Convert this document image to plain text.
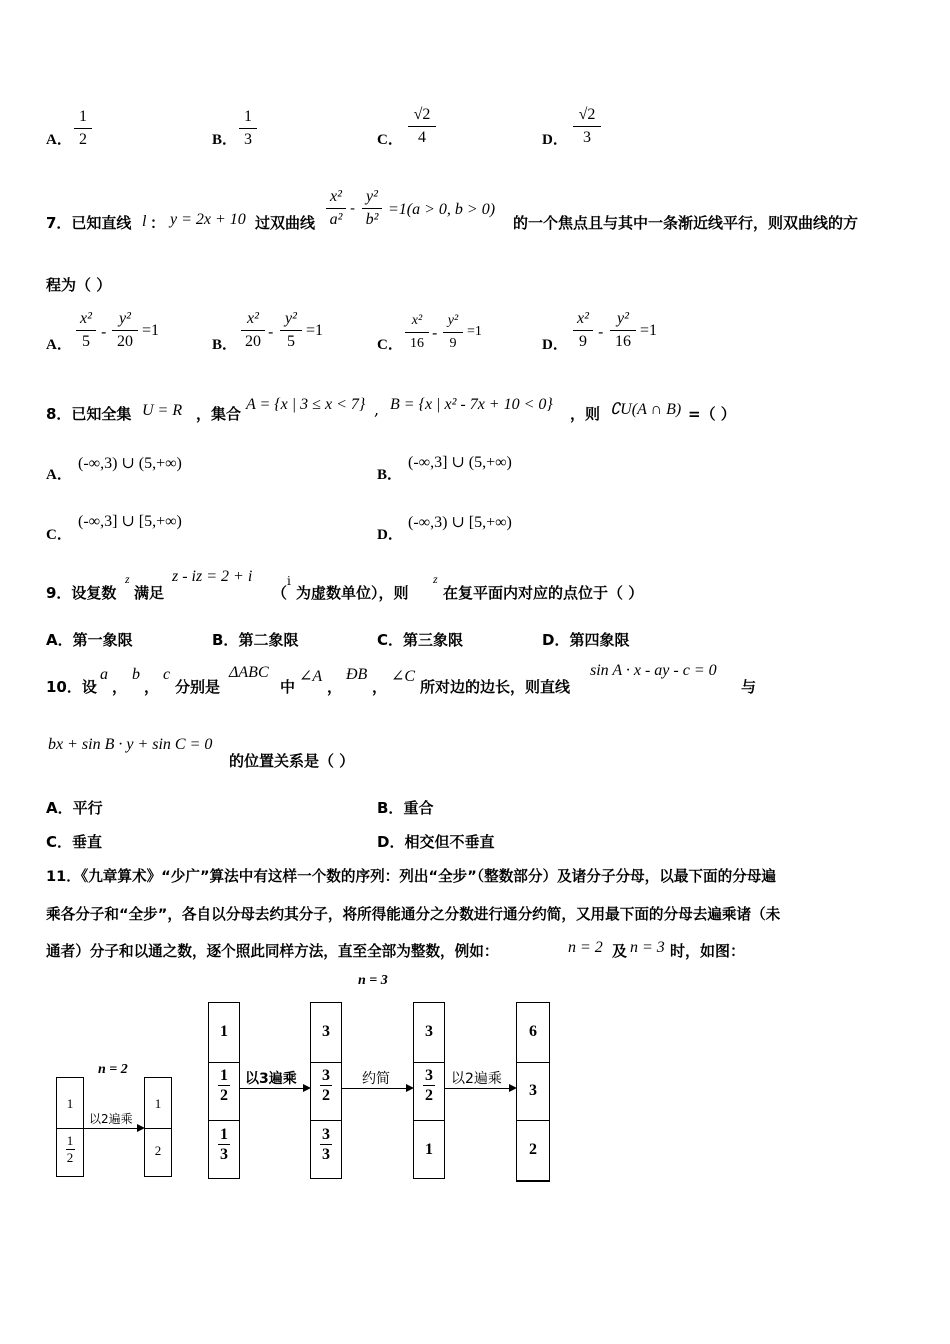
A．
1
2	B．
1
3	C．
√2
4	D．
√2
3
7．已知直线 l ： y = 2x + 10 过双曲线
x²
a²
-
y²
b²
=1(a > 0, b > 0)
的一个焦点且与其中一条渐近线平行，则双曲线的方
程为（ ）
A．
x²
5
-
y²
20
=1
B．
x²
20
-
y²
5
=1
C．
x²
16
-
y²
9
=1
D．
x²
9
-
y²
16
=1
8．已知全集 U = R ，集合
A = {x | 3 ≤ x < 7} , B = {x | x² - 7x + 10 < 0}
，则 ∁U(A ∩ B) =（ ）
A．
(-∞,3) ∪ (5,+∞)
B．
(-∞,3] ∪ (5,+∞)
C．
(-∞,3] ∪ [5,+∞)
D．
(-∞,3) ∪ [5,+∞)
9．设复数
z
满足
z - iz = 2 + i
（
i
为虚数单位），则
z
在复平面内对应的点位于（ ）
A．第一象限	B．第二象限	C．第三象限	D．第四象限
10．设
a
，
b
，
c
分别是
ΔABC
中
∠A
，
ÐB
，
∠C
所对边的边长，则直线
sin A · x - ay - c = 0
与
bx + sin B · y + sin C = 0
的位置关系是（ ）
A．平行	B．重合
C．垂直	D．相交但不垂直
11．《九章算术》“少广”算法中有这样一个数的序列：列出“全步”（整数部分）及诸分子分母，以最下面的分母遍
乘各分子和“全步”，各自以分母去约其分子，将所得能通分之分数进行通分约简，又用最下面的分母去遍乘诸（未
通者）分子和以通之数，逐个照此同样方法，直至全部为整数，例如：	n = 2 及 n = 3 时，如图：
n = 2
n = 3
1
1
2
以2遍乘
1
2
1
1
2
1
3
以3遍乘
3
3
2
3
3
约简
3
3
2
1
以2遍乘
6
3
2
